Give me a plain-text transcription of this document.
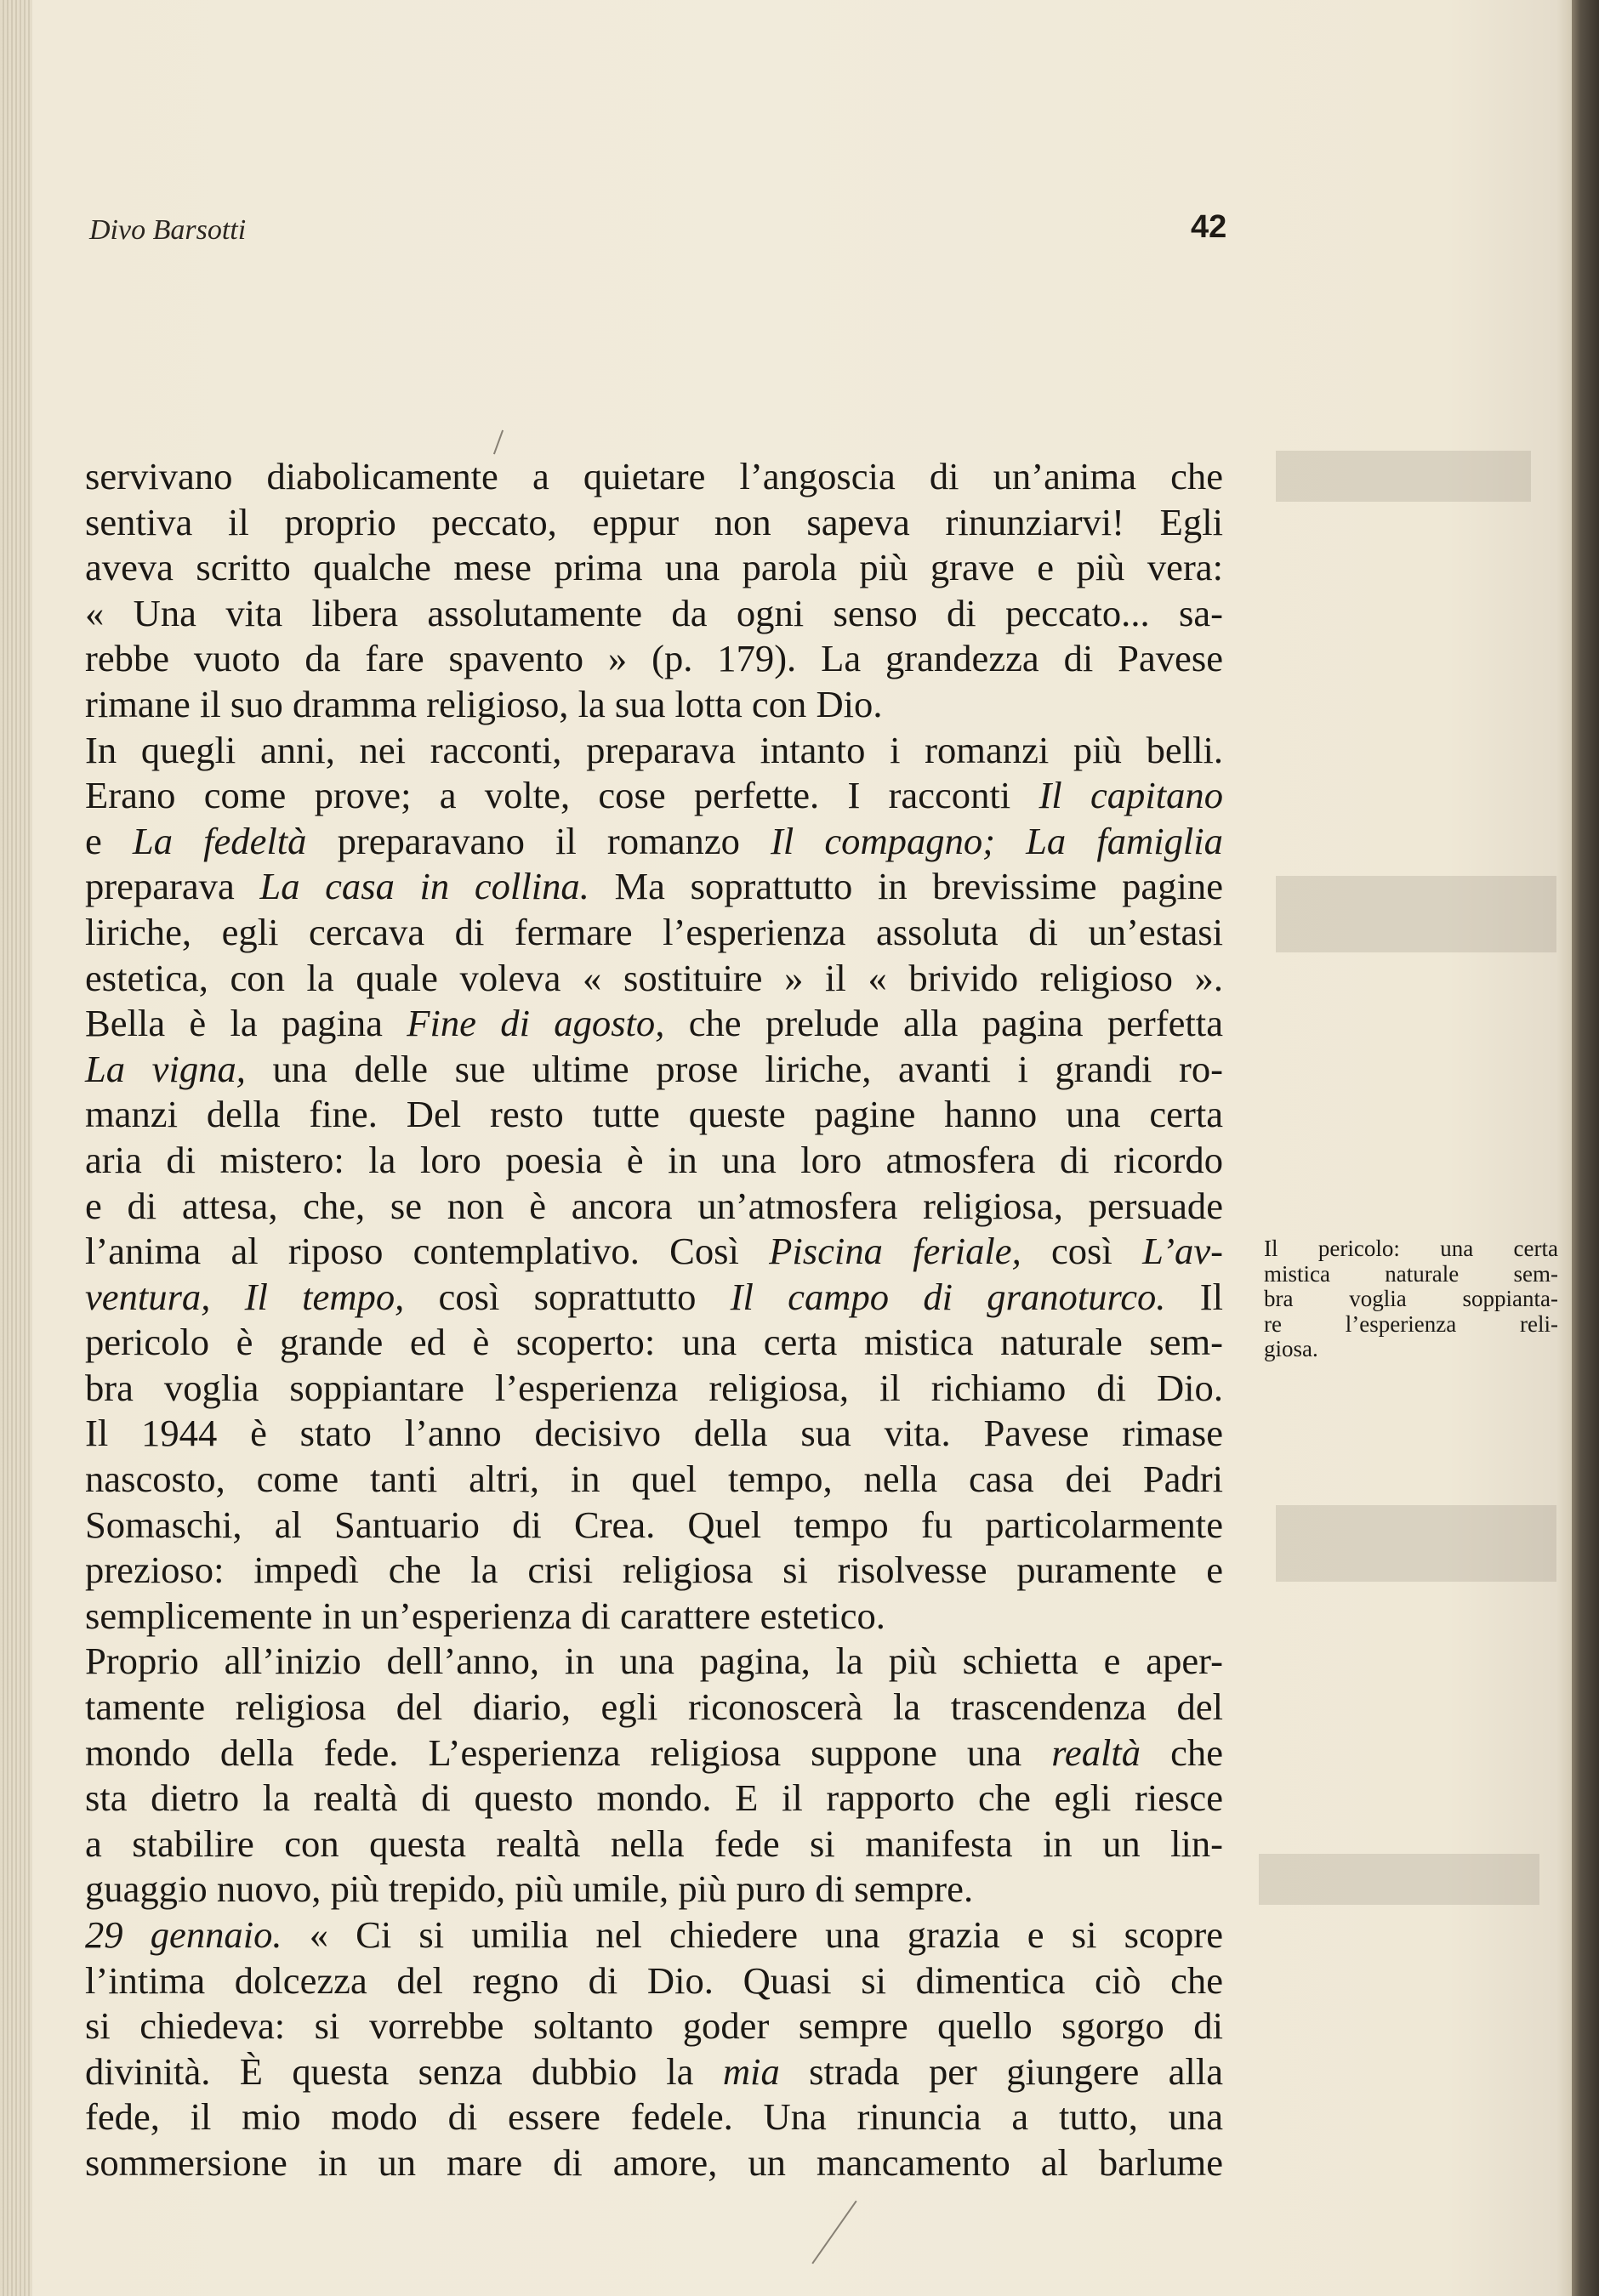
Divo Barsotti	42
servivano diabolicamente a quietare l’angoscia di un’anima che
sentiva il proprio peccato, eppur non sapeva rinunziarvi! Egli
aveva scritto qualche mese prima una parola più grave e più vera:
« Una vita libera assolutamente da ogni senso di peccato... sa-
rebbe vuoto da fare spavento » (p. 179). La grandezza di Pavese
rimane il suo dramma religioso, la sua lotta con Dio.
In quegli anni, nei racconti, preparava intanto i romanzi più belli.
Erano come prove; a volte, cose perfette. I racconti Il capitano
e La fedeltà preparavano il romanzo Il compagno; La famiglia
preparava La casa in collina. Ma soprattutto in brevissime pagine
liriche, egli cercava di fermare l’esperienza assoluta di un’estasi
estetica, con la quale voleva « sostituire » il « brivido religioso ».
Bella è la pagina Fine di agosto, che prelude alla pagina perfetta
La vigna, una delle sue ultime prose liriche, avanti i grandi ro-
manzi della fine. Del resto tutte queste pagine hanno una certa
aria di mistero: la loro poesia è in una loro atmosfera di ricordo
e di attesa, che, se non è ancora un’atmosfera religiosa, persuade
l’anima al riposo contemplativo. Così Piscina feriale, così L’av-
ventura, Il tempo, così soprattutto Il campo di granoturco. Il
pericolo è grande ed è scoperto: una certa mistica naturale sem-
bra voglia soppiantare l’esperienza religiosa, il richiamo di Dio.
Il 1944 è stato l’anno decisivo della sua vita. Pavese rimase
nascosto, come tanti altri, in quel tempo, nella casa dei Padri
Somaschi, al Santuario di Crea. Quel tempo fu particolarmente
prezioso: impedì che la crisi religiosa si risolvesse puramente e
semplicemente in un’esperienza di carattere estetico.
Proprio all’inizio dell’anno, in una pagina, la più schietta e aper-
tamente religiosa del diario, egli riconoscerà la trascendenza del
mondo della fede. L’esperienza religiosa suppone una realtà che
sta dietro la realtà di questo mondo. E il rapporto che egli riesce
a stabilire con questa realtà nella fede si manifesta in un lin-
guaggio nuovo, più trepido, più umile, più puro di sempre.
29 gennaio. « Ci si umilia nel chiedere una grazia e si scopre
l’intima dolcezza del regno di Dio. Quasi si dimentica ciò che
si chiedeva: si vorrebbe soltanto goder sempre quello sgorgo di
divinità. È questa senza dubbio la mia strada per giungere alla
fede, il mio modo di essere fedele. Una rinuncia a tutto, una
sommersione in un mare di amore, un mancamento al barlume
Il pericolo: una certa
mistica naturale sem-
bra voglia soppianta-
re l’esperienza reli-
giosa.
